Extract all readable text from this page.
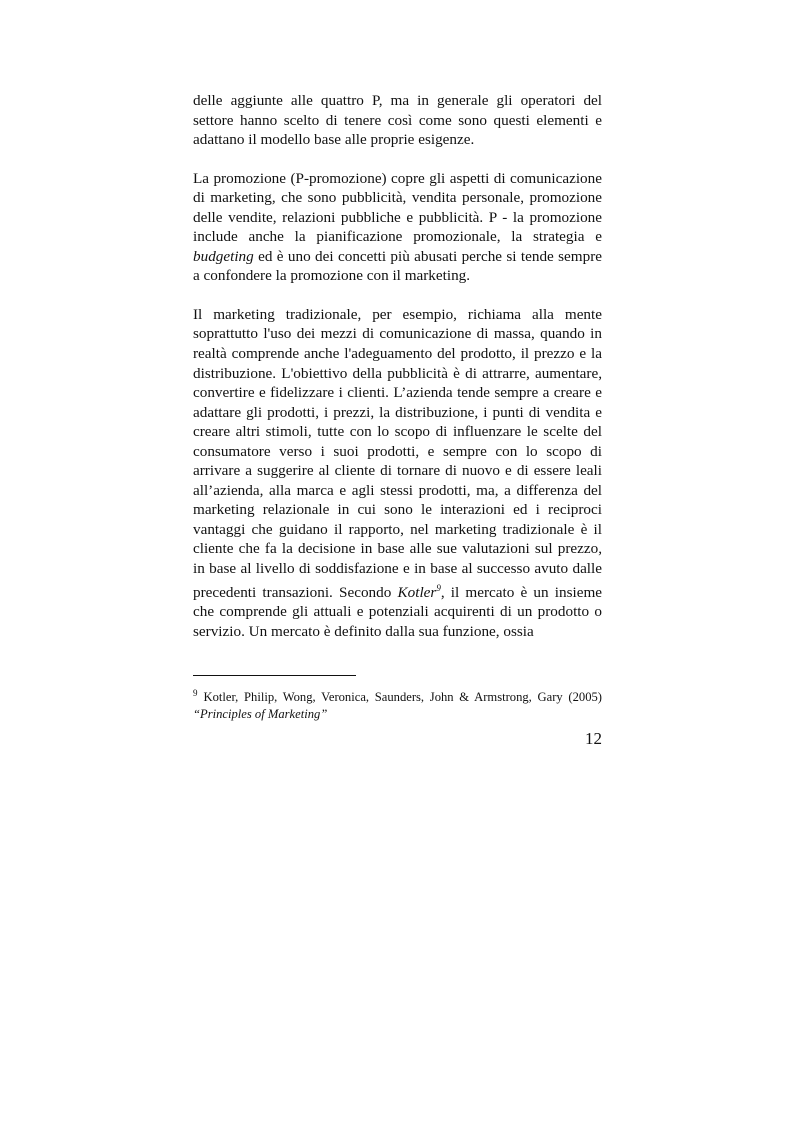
delle aggiunte alle quattro P, ma in generale gli operatori del settore hanno scelto di tenere così come sono questi elementi e adattano il modello base alle proprie esigenze.

La promozione (P-promozione) copre gli aspetti di comunicazione di marketing, che sono pubblicità, vendita personale, promozione delle vendite, relazioni pubbliche e pubblicità. P - la promozione include anche la pianificazione promozionale, la strategia e budgeting ed è uno dei concetti più abusati perche si tende sempre a confondere la promozione con il marketing.

Il marketing tradizionale, per esempio, richiama alla mente soprattutto l'uso dei mezzi di comunicazione di massa, quando in realtà comprende anche l'adeguamento del prodotto, il prezzo e la distribuzione. L'obiettivo della pubblicità è di attrarre, aumentare, convertire e fidelizzare i clienti. L’azienda tende sempre a creare e adattare gli prodotti, i prezzi, la distribuzione, i punti di vendita e creare altri stimoli, tutte con lo scopo di influenzare le scelte del consumatore verso i suoi prodotti, e sempre con lo scopo di arrivare a suggerire al cliente di tornare di nuovo e di essere leali all’azienda, alla marca e agli stessi prodotti, ma, a differenza del marketing relazionale in cui sono le interazioni ed i reciproci vantaggi che guidano il rapporto, nel marketing tradizionale è il cliente che fa la decisione in base alle sue valutazioni sul prezzo, in base al livello di soddisfazione e in base al successo avuto dalle precedenti transazioni. Secondo Kotler$^9$, il mercato è un insieme che comprende gli attuali e potenziali acquirenti di un prodotto o servizio. Un mercato è definito dalla sua funzione, ossia

$^9$ Kotler, Philip, Wong, Veronica, Saunders, John & Armstrong, Gary (2005) “Principles of Marketing”

12
